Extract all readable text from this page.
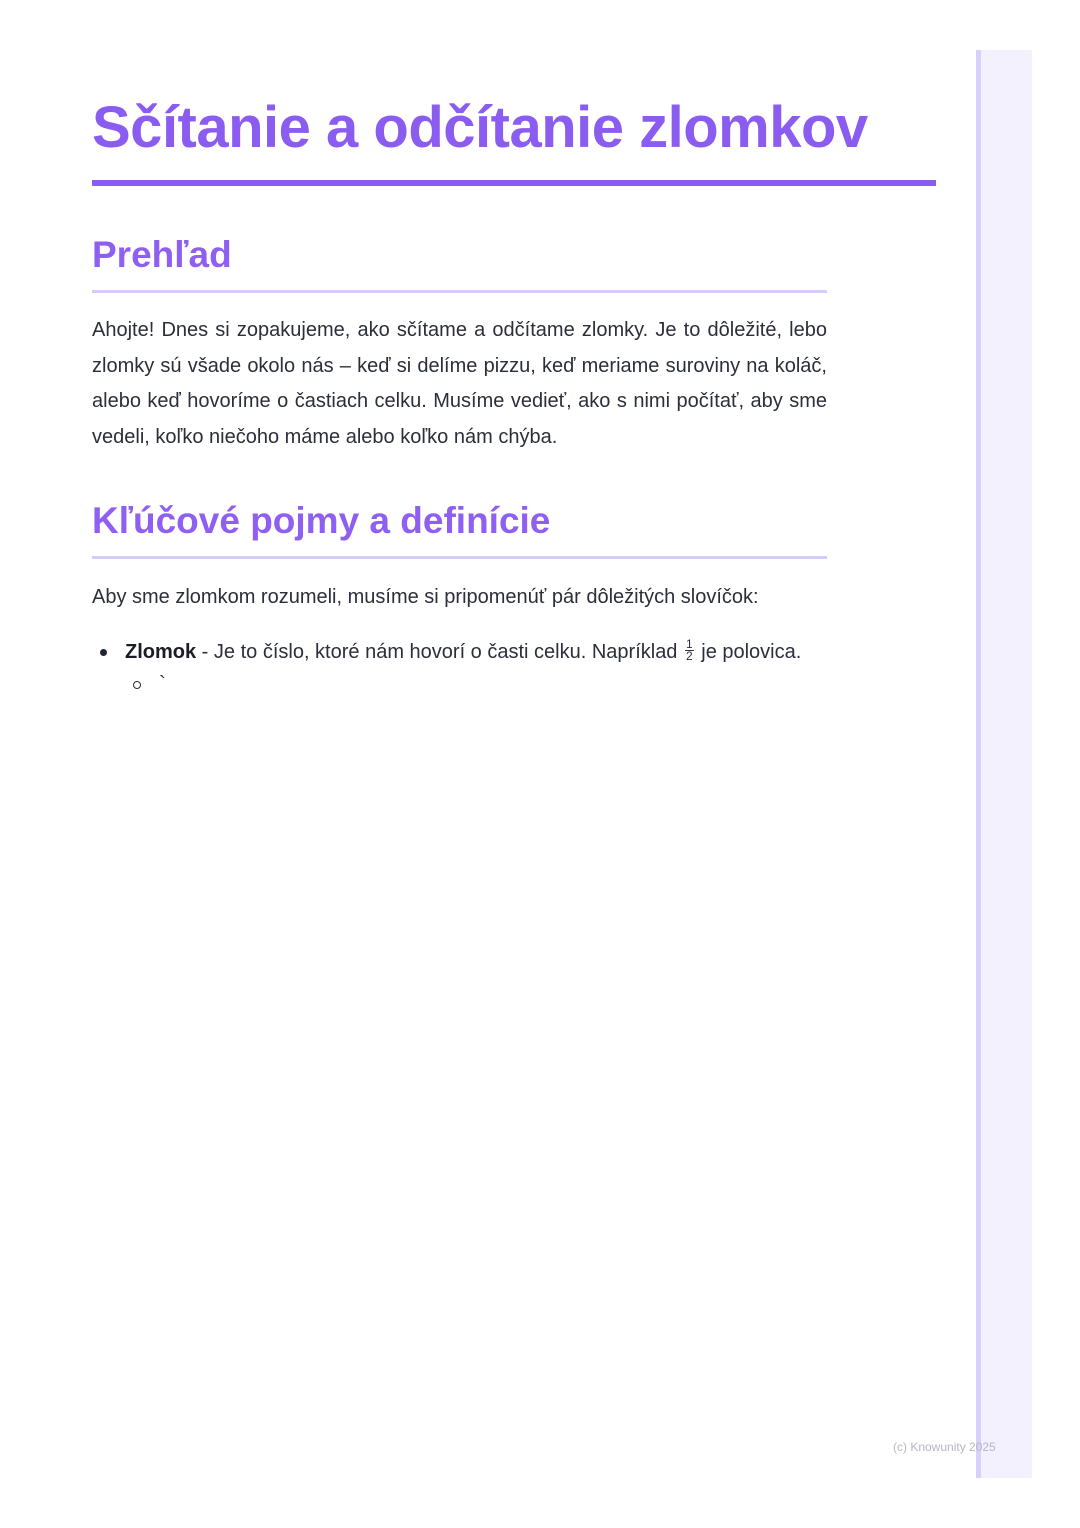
Sčítanie a odčítanie zlomkov
Prehľad

Ahojte! Dnes si zopakujeme, ako sčítame a odčítame zlomky. Je to dôležité, lebo zlomky sú všade okolo nás – keď si delíme pizzu, keď meriame suroviny na koláč, alebo keď hovoríme o častiach celku. Musíme vedieť, ako s nimi počítať, aby sme vedeli, koľko niečoho máme alebo koľko nám chýba.

Kľúčové pojmy a definície

Aby sme zlomkom rozumeli, musíme si pripomenúť pár dôležitých slovíčok:

Zlomok - Je to číslo, ktoré nám hovorí o časti celku. Napríklad $\frac{1}{2}$ je polovica.
`
(c) Knowunity 2025
